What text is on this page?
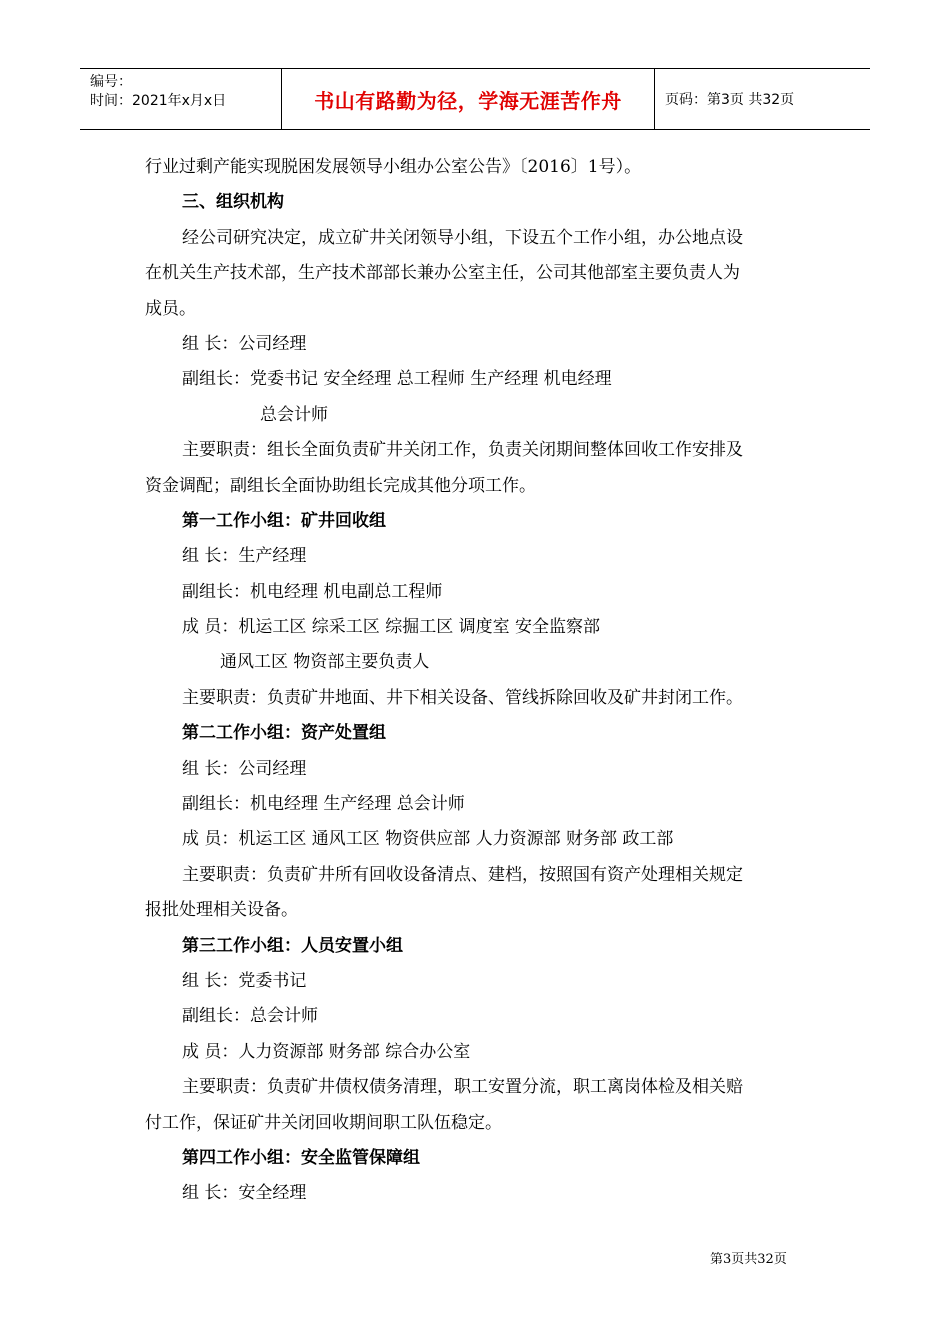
编号：
时间：2021年x月x日	书山有路勤为径，学海无涯苦作舟	页码：第3页 共32页
行业过剩产能实现脱困发展领导小组办公室公告》〔2016〕1号）。
三、组织机构
经公司研究决定，成立矿井关闭领导小组，下设五个工作小组，办公地点设
在机关生产技术部，生产技术部部长兼办公室主任，公司其他部室主要负责人为
成员。
组 长：公司经理
副组长：党委书记 安全经理 总工程师 生产经理 机电经理
总会计师
主要职责：组长全面负责矿井关闭工作，负责关闭期间整体回收工作安排及
资金调配；副组长全面协助组长完成其他分项工作。
第一工作小组：矿井回收组
组 长：生产经理
副组长：机电经理 机电副总工程师
成 员：机运工区 综采工区 综掘工区 调度室 安全监察部
通风工区 物资部主要负责人
主要职责：负责矿井地面、井下相关设备、管线拆除回收及矿井封闭工作。
第二工作小组：资产处置组
组 长：公司经理
副组长：机电经理 生产经理 总会计师
成 员：机运工区 通风工区 物资供应部 人力资源部 财务部 政工部
主要职责：负责矿井所有回收设备清点、建档，按照国有资产处理相关规定
报批处理相关设备。
第三工作小组：人员安置小组
组 长：党委书记
副组长：总会计师
成 员：人力资源部 财务部 综合办公室
主要职责：负责矿井债权债务清理，职工安置分流，职工离岗体检及相关赔
付工作，保证矿井关闭回收期间职工队伍稳定。
第四工作小组：安全监管保障组
组 长：安全经理
第3页共32页
